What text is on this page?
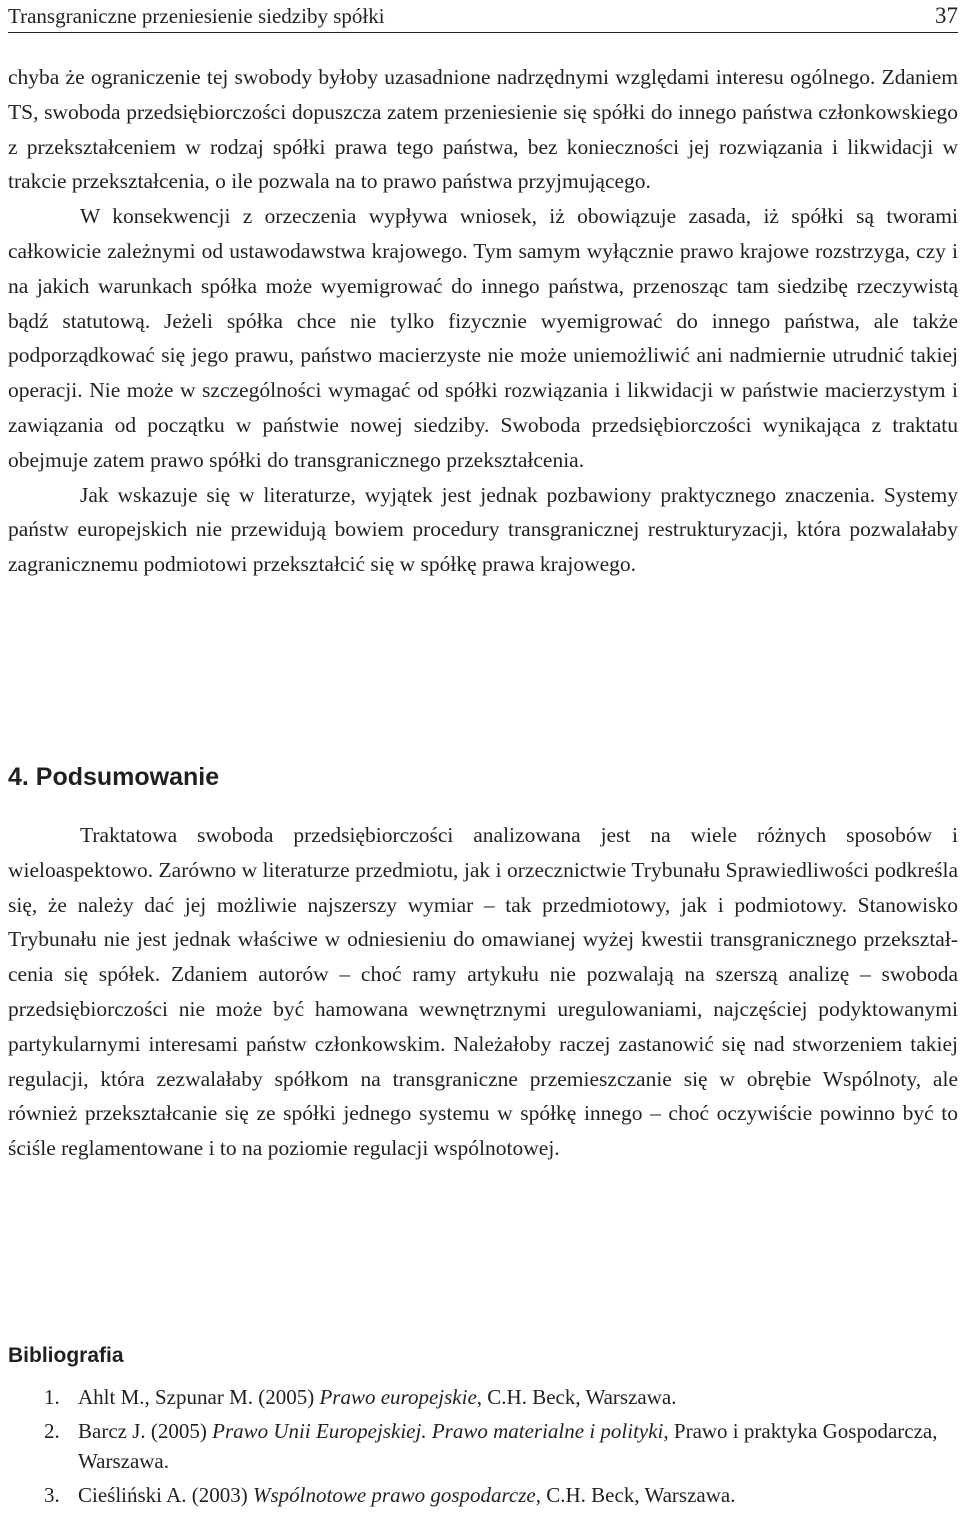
Transgraniczne przeniesienie siedziby spółki	37

chyba że ograniczenie tej swobody byłoby uzasadnione nadrzędnymi względami interesu ogólnego. Zdaniem TS, swoboda przedsiębiorczości dopuszcza zatem przeniesienie się spółki do innego państwa członkowskiego z przekształceniem w rodzaj spółki prawa tego państwa, bez konieczności jej rozwiązania i likwidacji w trakcie przekształcenia, o ile pozwala na to prawo państwa przyjmującego.

W konsekwencji z orzeczenia wypływa wniosek, iż obowiązuje zasada, iż spółki są tworami całkowicie zależnymi od ustawodawstwa krajowego. Tym samym wyłącznie prawo krajowe rozstrzyga, czy i na jakich warunkach spółka może wyemigrować do innego państwa, przenosząc tam siedzibę rzeczywistą bądź statutową. Jeżeli spółka chce nie tylko fizycznie wyemigrować do innego państwa, ale także podporządkować się jego prawu, państwo macierzyste nie może uniemożliwić ani nadmiernie utrudnić takiej operacji. Nie może w szczególności wymagać od spółki rozwiązania i likwidacji w państwie macierzystym i zawiązania od początku w państwie nowej siedziby. Swoboda przedsiębiorczości wynikająca z traktatu obejmuje zatem prawo spółki do transgranicznego przekształcenia.

Jak wskazuje się w literaturze, wyjątek jest jednak pozbawiony praktycznego znaczenia. Systemy państw europejskich nie przewidują bowiem procedury transgranicznej restrukturyzacji, która pozwalałaby zagranicznemu podmiotowi przekształcić się w spółkę prawa krajowego.

4. Podsumowanie

Traktatowa swoboda przedsiębiorczości analizowana jest na wiele różnych sposobów i wieloaspektowo. Zarówno w literaturze przedmiotu, jak i orzecznictwie Trybunału Sprawiedliwości podkreśla się, że należy dać jej możliwie najszerszy wymiar – tak przedmiotowy, jak i podmiotowy. Stanowisko Trybunału nie jest jednak właściwe w odniesieniu do omawianej wyżej kwestii transgranicznego przekształcenia się spółek. Zdaniem autorów – choć ramy artykułu nie pozwalają na szerszą analizę – swoboda przedsiębiorczości nie może być hamowana wewnętrznymi uregulowaniami, najczęściej podyktowanymi partykularnymi interesami państw członkowskim. Należałoby raczej zastanowić się nad stworzeniem takiej regulacji, która zezwalałaby spółkom na transgraniczne przemieszczanie się w obrębie Wspólnoty, ale również przekształcanie się ze spółki jednego systemu w spółkę innego – choć oczywiście powinno być to ściśle reglamentowane i to na poziomie regulacji wspólnotowej.

Bibliografia
1. Ahlt M., Szpunar M. (2005) Prawo europejskie, C.H. Beck, Warszawa.
2. Barcz J. (2005) Prawo Unii Europejskiej. Prawo materialne i polityki, Prawo i praktyka Gospodarcza, Warszawa.
3. Cieśliński A. (2003) Wspólnotowe prawo gospodarcze, C.H. Beck, Warszawa.
